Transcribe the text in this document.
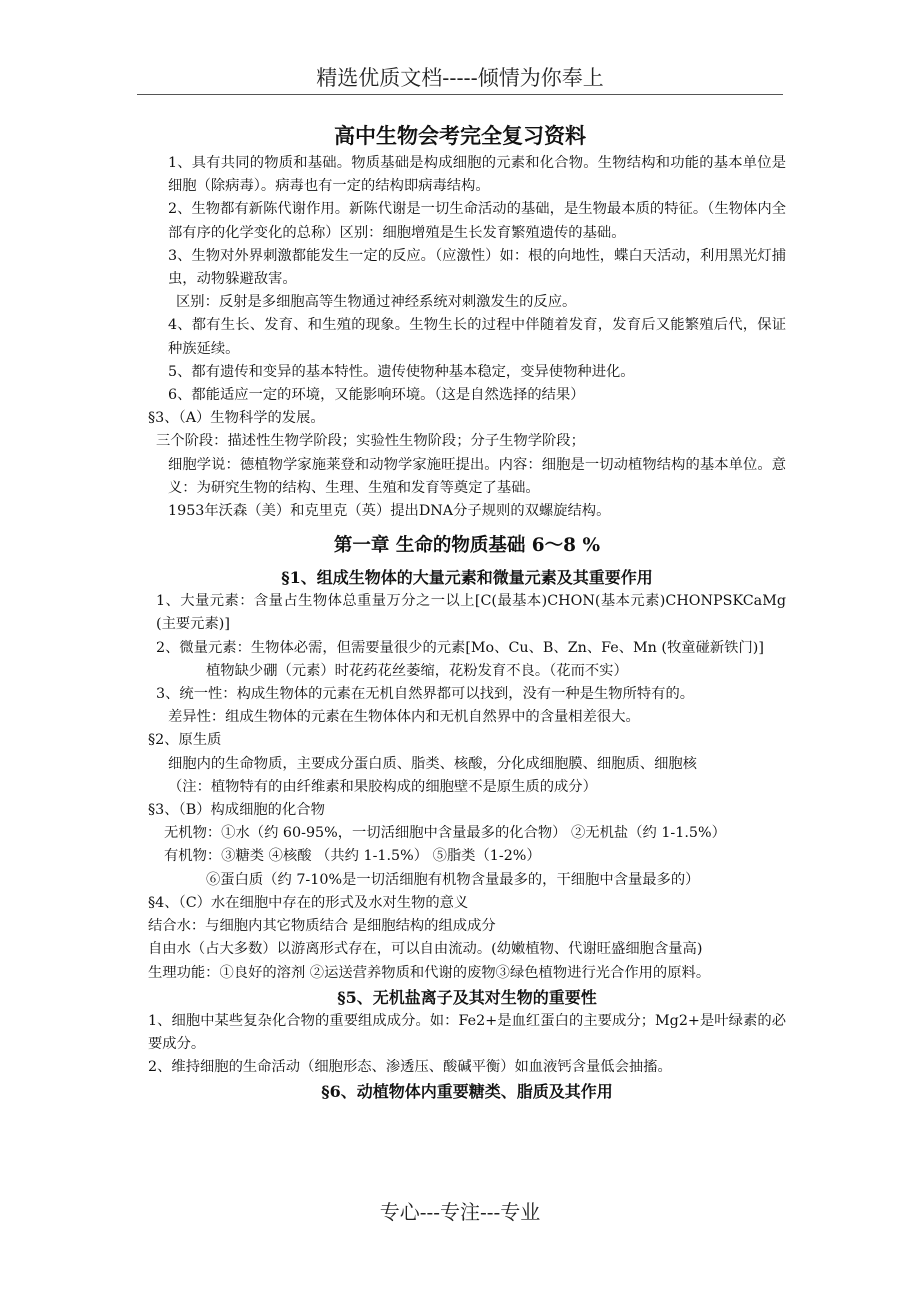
精选优质文档-----倾情为你奉上
高中生物会考完全复习资料

1、具有共同的物质和基础。物质基础是构成细胞的元素和化合物。生物结构和功能的基本单位是细胞（除病毒）。病毒也有一定的结构即病毒结构。

2、生物都有新陈代谢作用。新陈代谢是一切生命活动的基础，是生物最本质的特征。（生物体内全部有序的化学变化的总称）区别：细胞增殖是生长发育繁殖遗传的基础。

3、生物对外界刺激都能发生一定的反应。（应激性）如：根的向地性，蝶白天活动，利用黑光灯捕虫，动物躲避敌害。

区别：反射是多细胞高等生物通过神经系统对刺激发生的反应。

4、都有生长、发育、和生殖的现象。生物生长的过程中伴随着发育，发育后又能繁殖后代，保证种族延续。

5、都有遗传和变异的基本特性。遗传使物种基本稳定，变异使物种进化。

6、都能适应一定的环境，又能影响环境。（这是自然选择的结果）

§3、（A）生物科学的发展。

三个阶段：描述性生物学阶段；实验性生物阶段；分子生物学阶段；

细胞学说：德植物学家施莱登和动物学家施旺提出。内容：细胞是一切动植物结构的基本单位。意义：为研究生物的结构、生理、生殖和发育等奠定了基础。

1953年沃森（美）和克里克（英）提出DNA分子规则的双螺旋结构。

第一章 生命的物质基础 6～8 %
§1、组成生物体的大量元素和微量元素及其重要作用

1、大量元素：含量占生物体总重量万分之一以上[C(最基本)CHON(基本元素)CHONPSKCaMg (主要元素)]

2、微量元素：生物体必需，但需要量很少的元素[Mo、Cu、B、Zn、Fe、Mn (牧童碰新铁门)]

植物缺少硼（元素）时花药花丝萎缩，花粉发育不良。（花而不实）

3、统一性：构成生物体的元素在无机自然界都可以找到，没有一种是生物所特有的。

差异性：组成生物体的元素在生物体体内和无机自然界中的含量相差很大。

§2、原生质

细胞内的生命物质，主要成分蛋白质、脂类、核酸，分化成细胞膜、细胞质、细胞核

（注：植物特有的由纤维素和果胶构成的细胞壁不是原生质的成分）

§3、（B）构成细胞的化合物

无机物：①水（约 60-95%，一切活细胞中含量最多的化合物） ②无机盐（约 1-1.5%）

有机物：③糖类 ④核酸 （共约 1-1.5%） ⑤脂类（1-2%）

⑥蛋白质（约 7-10%是一切活细胞有机物含量最多的，干细胞中含量最多的）

§4、（C）水在细胞中存在的形式及水对生物的意义

结合水：与细胞内其它物质结合 是细胞结构的组成成分

自由水（占大多数）以游离形式存在，可以自由流动。(幼嫩植物、代谢旺盛细胞含量高)

生理功能：①良好的溶剂 ②运送营养物质和代谢的废物③绿色植物进行光合作用的原料。

§5、无机盐离子及其对生物的重要性

1、细胞中某些复杂化合物的重要组成成分。如：Fe2+是血红蛋白的主要成分；Mg2+是叶绿素的必要成分。

2、维持细胞的生命活动（细胞形态、渗透压、酸碱平衡）如血液钙含量低会抽搐。

§6、动植物体内重要糖类、脂质及其作用
专心---专注---专业
